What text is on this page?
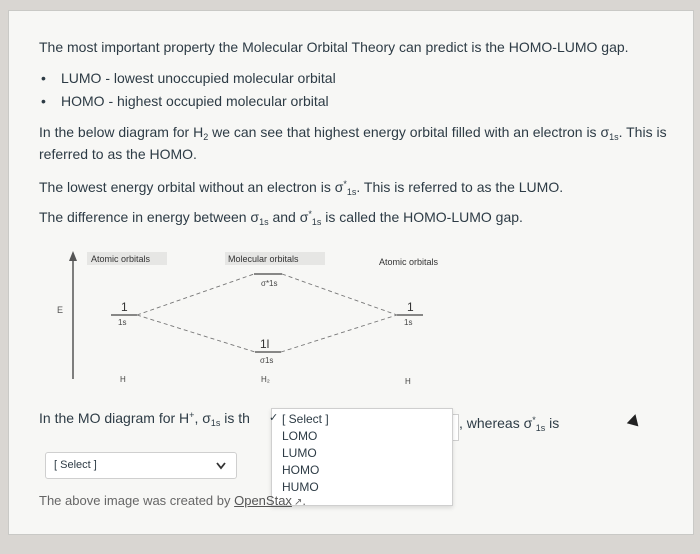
The most important property the Molecular Orbital Theory can predict is the HOMO-LUMO gap.
• LUMO - lowest unoccupied molecular orbital
• HOMO - highest occupied molecular orbital
In the below diagram for $H_2$ we can see that highest energy orbital filled with an electron is $\sigma_{1s}$. This is
referred to as the HOMO.
The lowest energy orbital without an electron is $\sigma^*_{1s}$. This is referred to as the LUMO.
The difference in energy between $\sigma_{1s}$ and $\sigma^*_{1s}$ is called the HOMO-LUMO gap.
E
Atomic orbitals	Molecular orbitals	Atomic orbitals
σ*1s
1
1s
1
1s
1l
σ1s
H	H₂	H
In the MO diagram for H+, $\sigma_{1s}$ is th	, whereas $\sigma^*_{1s}$ is
[ Select ]
✓ [ Select ]
LOMO
LUMO
HOMO
HUMO
The above image was created by OpenStax ↗.
